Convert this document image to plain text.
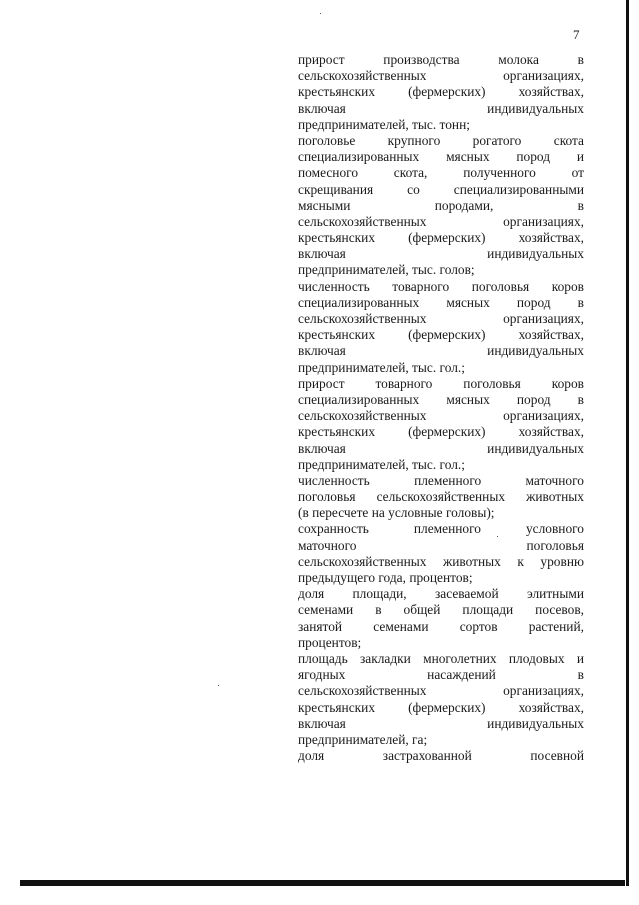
7

прирост производства молока в

сельскохозяйственных организациях,

крестьянских (фермерских) хозяйствах,

включая индивидуальных

предпринимателей, тыс. тонн;

поголовье крупного рогатого скота

специализированных мясных пород и

помесного скота, полученного от

скрещивания со специализированными

мясными породами, в

сельскохозяйственных организациях,

крестьянских (фермерских) хозяйствах,

включая индивидуальных

предпринимателей, тыс. голов;

численность товарного поголовья коров

специализированных мясных пород в

сельскохозяйственных организациях,

крестьянских (фермерских) хозяйствах,

включая индивидуальных

предпринимателей, тыс. гол.;

прирост товарного поголовья коров

специализированных мясных пород в

сельскохозяйственных организациях,

крестьянских (фермерских) хозяйствах,

включая индивидуальных

предпринимателей, тыс. гол.;

численность племенного маточного

поголовья сельскохозяйственных животных

(в пересчете на условные головы);

сохранность племенного условного

маточного поголовья

сельскохозяйственных животных к уровню

предыдущего года, процентов;

доля площади, засеваемой элитными

семенами в общей площади посевов,

занятой семенами сортов растений,

процентов;

площадь закладки многолетних плодовых и

ягодных насаждений в

сельскохозяйственных организациях,

крестьянских (фермерских) хозяйствах,

включая индивидуальных

предпринимателей, га;

доля застрахованной посевной
